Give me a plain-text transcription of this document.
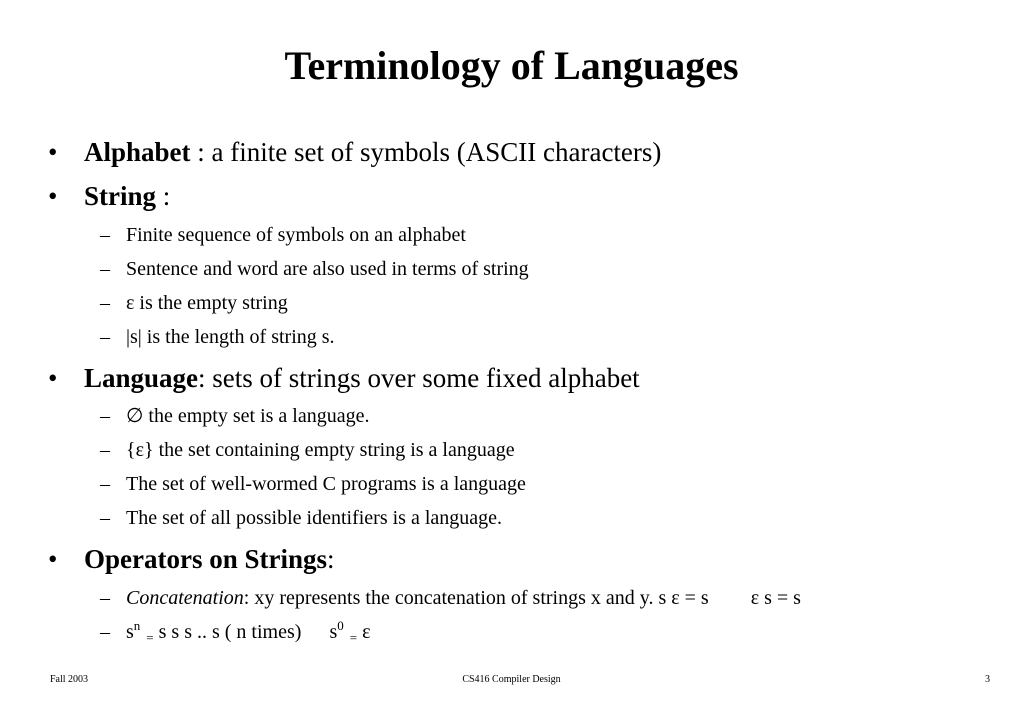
Terminology of Languages
• Alphabet : a finite set of symbols (ASCII characters)
• String :
– Finite sequence of symbols on an alphabet
– Sentence and word are also used in terms of string
– ε is the empty string
– |s| is the length of string s.
• Language: sets of strings over some fixed alphabet
– ∅ the empty set is a language.
– {ε} the set containing empty string is a language
– The set of well-wormed C programs is a language
– The set of all possible identifiers is a language.
• Operators on Strings:
– Concatenation: xy represents the concatenation of strings x and y. s ε = s ε s = s
– $s^n_=$ s s s .. s ( n times) $s^0_=$ ε
Fall 2003	CS416 Compiler Design	3
